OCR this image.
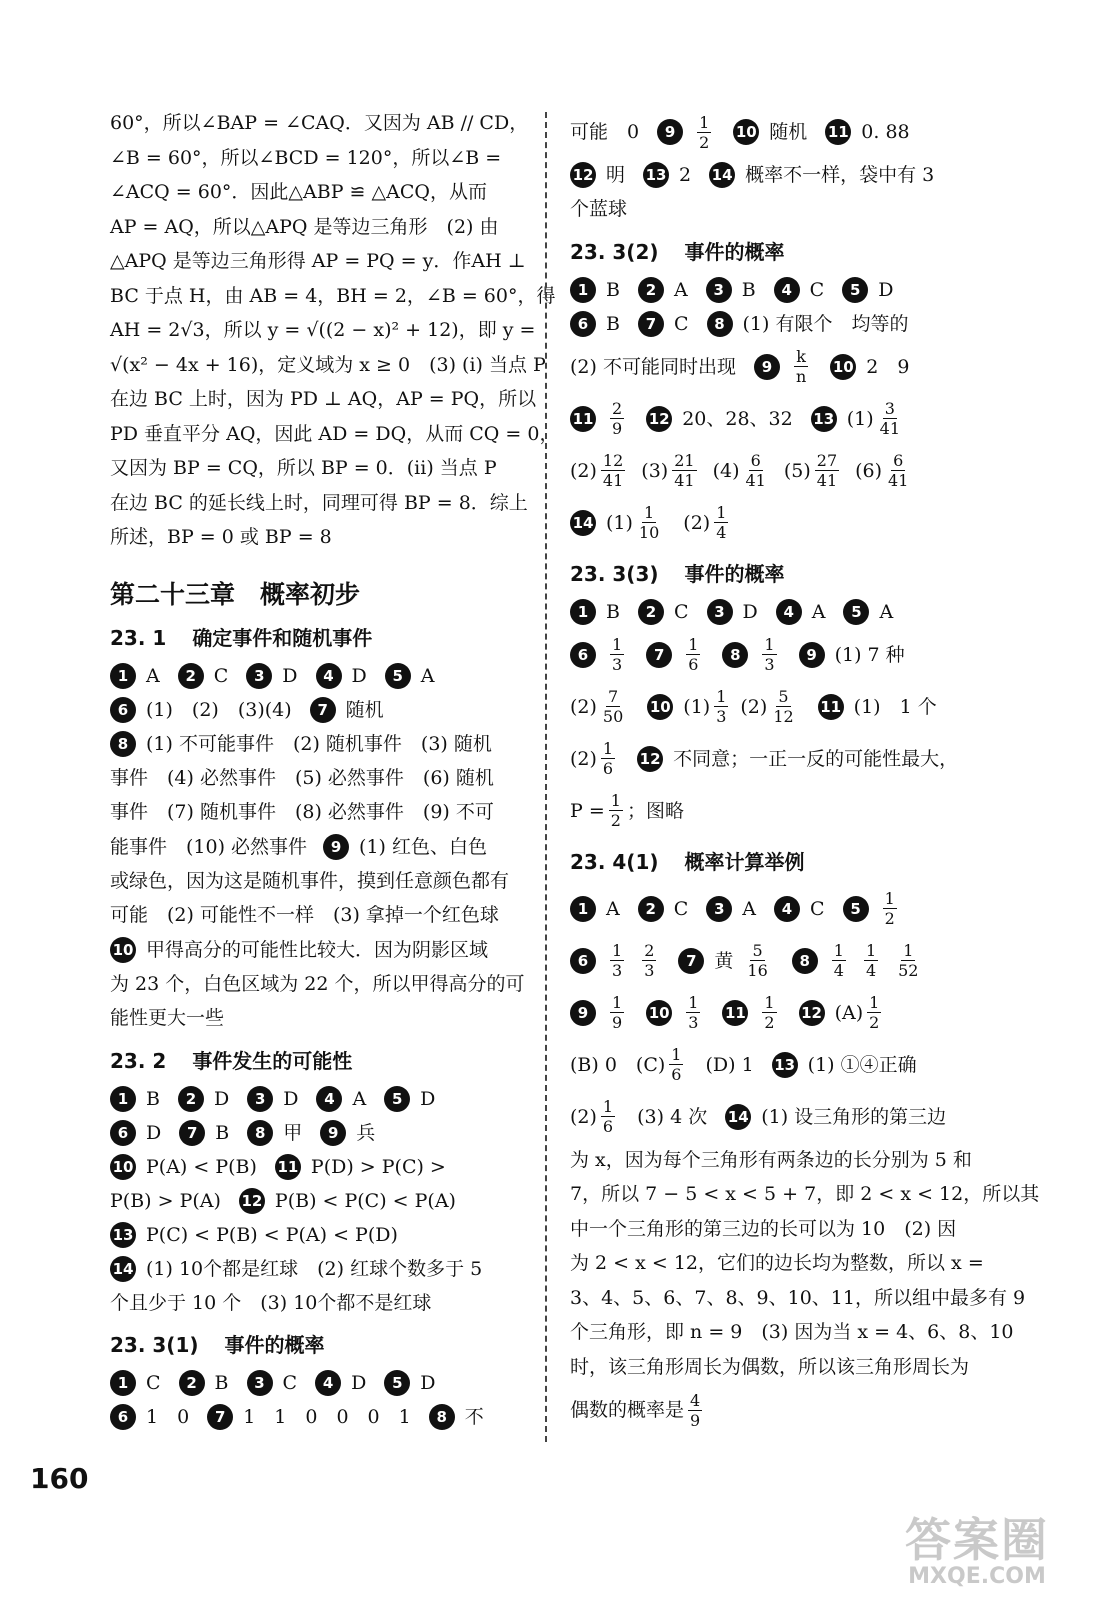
60°，所以∠BAP = ∠CAQ．又因为 AB // CD，

∠B = 60°，所以∠BCD = 120°，所以∠B =

∠ACQ = 60°．因此△ABP ≌ △ACQ，从而

AP = AQ，所以△APQ 是等边三角形　(2) 由

△APQ 是等边三角形得 AP = PQ = y．作AH ⊥

BC 于点 H，由 AB = 4，BH = 2，∠B = 60°，得

AH = 2√3，所以 y = √((2 − x)² + 12)，即 y =

√(x² − 4x + 16)，定义域为 x ≥ 0　(3) (i) 当点 P

在边 BC 上时，因为 PD ⊥ AQ，AP = PQ，所以

PD 垂直平分 AQ，因此 AD = DQ，从而 CQ = 0，

又因为 BP = CQ，所以 BP = 0．(ii) 当点 P

在边 BC 的延长线上时，同理可得 BP = 8．综上

所述，BP = 0 或 BP = 8

第二十三章　概率初步
23. 1 确定事件和随机事件
1 A	2 C	3 D	4 D	5 A
6 (1)　(2)　(3)(4)	7 随机
8 (1) 不可能事件　(2) 随机事件　(3) 随机

事件　(4) 必然事件　(5) 必然事件　(6) 随机

事件　(7) 随机事件　(8) 必然事件　(9) 不可

能事件　(10) 必然事件	9 (1) 红色、白色

或绿色，因为这是随机事件，摸到任意颜色都有

可能　(2) 可能性不一样　(3) 拿掉一个红色球

10 甲得高分的可能性比较大．因为阴影区域

为 23 个，白色区域为 22 个，所以甲得高分的可

能性更大一些

23. 2 事件发生的可能性
1 B	2 D	3 D	4 A	5 D
6 D	7 B	8 甲	9 兵
10 P(A) < P(B) 11 P(D) > P(C) >
P(B) > P(A) 12 P(B) < P(C) < P(A)
13 P(C) < P(B) < P(A) < P(D)
14 (1) 10个都是红球　(2) 红球个数多于 5

个且少于 10 个　(3) 10个都不是红球

23. 3(1) 事件的概率
1 C	2 B	3 C	4 D	5 D
6 1　0	7 1　1　0　0　0　1	8 不
可能　0	9	$\frac{1}{2} 10$ 随机 11 0. 88
12 明 13 2 14 概率不一样，袋中有 3

个蓝球

23. 3(2) 事件的概率
1 B	2 A	3 B	4 C	5 D
6 B	7 C	8 (1) 有限个　均等的
(2) 不可能同时出现	9	$\frac{k}{n} 10$ 2　9
$11 \frac{2}{9} 12$ 20、28、32 13 $(1) \frac{3}{41}$
$(2) \frac{12}{41} (3) \frac{21}{41} (4) \frac{6}{41} (5) \frac{27}{41} (6) \frac{6}{41}$
14 $(1) \frac{1}{10} (2) \frac{1}{4}$
23. 3(3) 事件的概率
1 B	2 C	3 D	4 A	5 A
6	$\frac{1}{3}$	7	$\frac{1}{6}$	8	$\frac{1}{3}$	9 (1) 7 种
$(2) \frac{7}{50} 10$ $(1) \frac{1}{3} (2) \frac{5}{12} 11$ (1)　1 个
$(2) \frac{1}{6} 12$ 不同意；一正一反的可能性最大，
$P = \frac{1}{2}$ ；图略
23. 4(1) 概率计算举例
1 A	2 C	3 A	4 C	5	$\frac{1}{2}$
6	$\frac{1}{3} \frac{2}{3}$	7 黄 $\frac{5}{16}$	8	$\frac{1}{4} \frac{1}{4} \frac{1}{52}$
9	$\frac{1}{9} 10 \frac{1}{3} 11 \frac{1}{2} 12$ $(A) \frac{1}{2}$
(B) 0　$(C) \frac{1}{6} (D)$ 1 13 (1) ①④正确
$(2) \frac{1}{6} (3)$ 4 次 14 (1) 设三角形的第三边

为 x，因为每个三角形有两条边的长分别为 5 和

7，所以 7 − 5 < x < 5 + 7，即 2 < x < 12，所以其

中一个三角形的第三边的长可以为 10　(2) 因

为 2 < x < 12，它们的边长均为整数，所以 x =

3、4、5、6、7、8、9、10、11，所以组中最多有 9

个三角形，即 n = 9　(3) 因为当 x = 4、6、8、10

时，该三角形周长为偶数，所以该三角形周长为

偶数的概率是 $\frac{4}{9}$
160
答案圈
MXQE.COM
